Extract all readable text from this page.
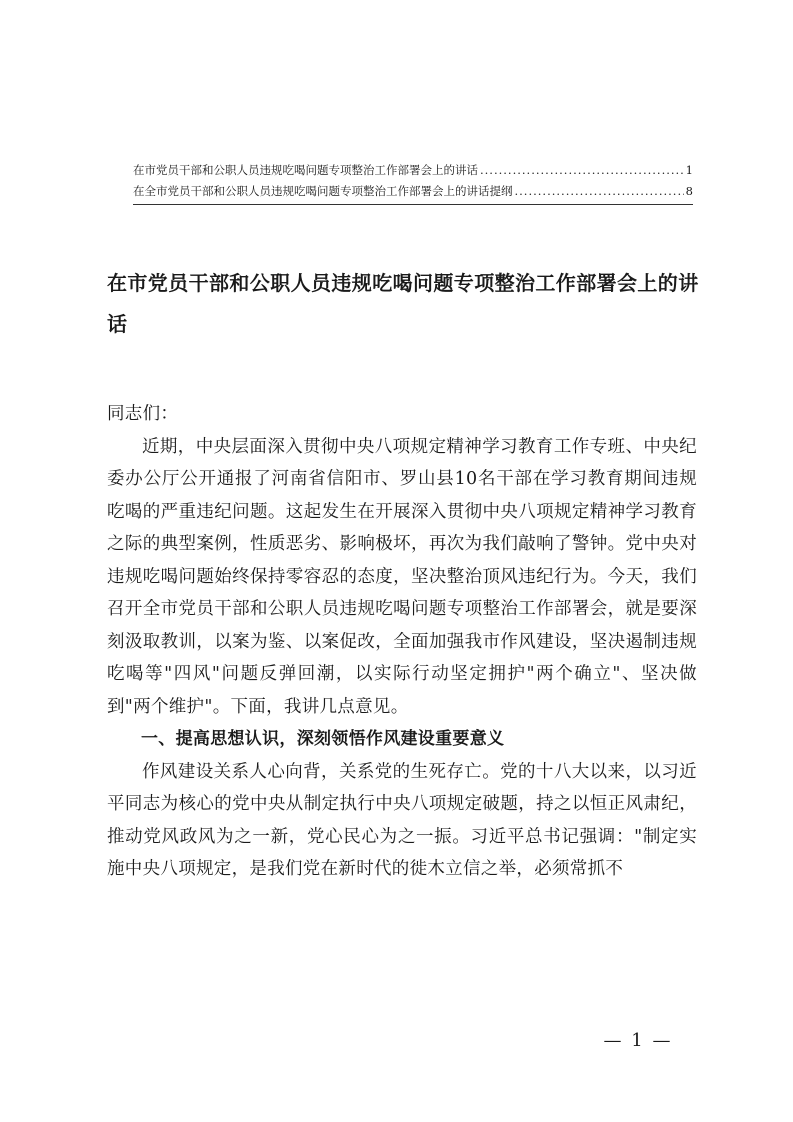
在市党员干部和公职人员违规吃喝问题专项整治工作部署会上的讲话 .....	1
在全市党员干部和公职人员违规吃喝问题专项整治工作部署会上的讲话提纲 .....	8
在市党员干部和公职人员违规吃喝问题专项整治工作部署会上的讲话

同志们：

近期，中央层面深入贯彻中央八项规定精神学习教育工作专班、中央纪委办公厅公开通报了河南省信阳市、罗山县10名干部在学习教育期间违规吃喝的严重违纪问题。这起发生在开展深入贯彻中央八项规定精神学习教育之际的典型案例，性质恶劣、影响极坏，再次为我们敲响了警钟。党中央对违规吃喝问题始终保持零容忍的态度，坚决整治顶风违纪行为。今天，我们召开全市党员干部和公职人员违规吃喝问题专项整治工作部署会，就是要深刻汲取教训，以案为鉴、以案促改，全面加强我市作风建设，坚决遏制违规吃喝等"四风"问题反弹回潮，以实际行动坚定拥护"两个确立"、坚决做到"两个维护"。下面，我讲几点意见。

一、提高思想认识，深刻领悟作风建设重要意义

作风建设关系人心向背，关系党的生死存亡。党的十八大以来，以习近平同志为核心的党中央从制定执行中央八项规定破题，持之以恒正风肃纪，推动党风政风为之一新，党心民心为之一振。习近平总书记强调："制定实施中央八项规定，是我们党在新时代的徙木立信之举，必须常抓不

— 1 —
